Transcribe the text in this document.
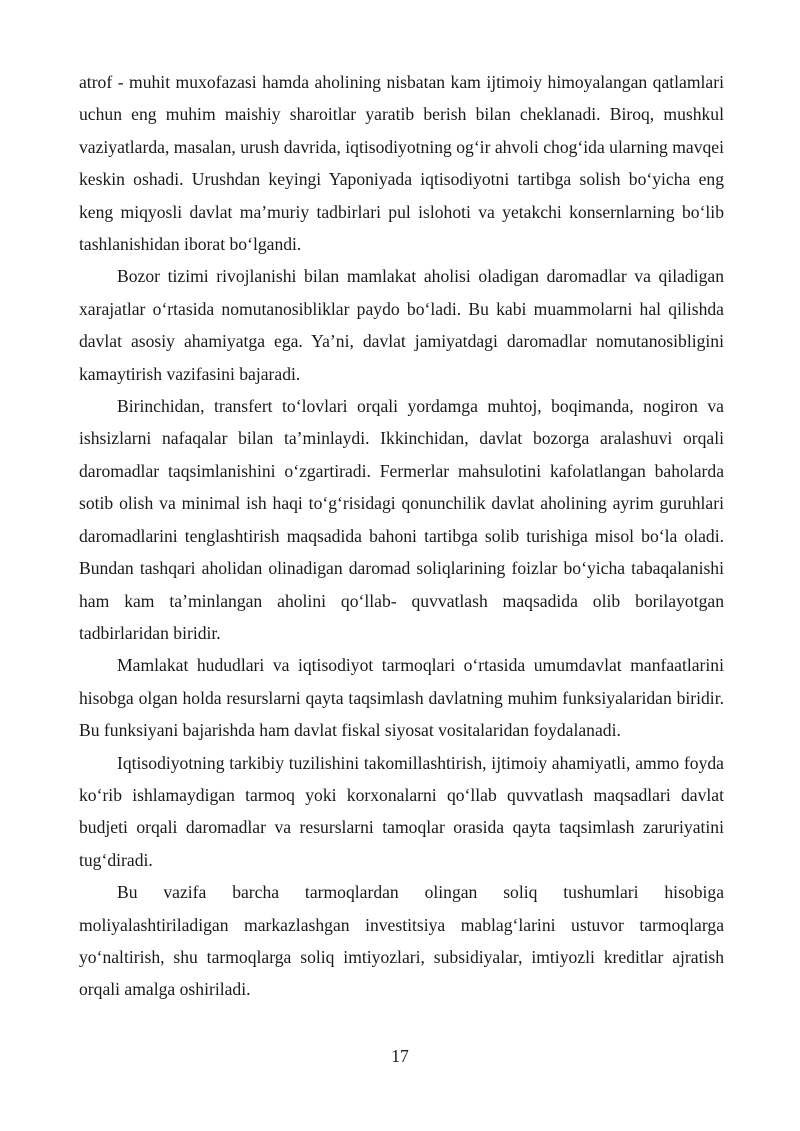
atrof - muhit muxofazasi hamda aholining nisbatan kam ijtimoiy himoyalangan qatlamlari uchun eng muhim maishiy sharoitlar yaratib berish bilan cheklanadi. Biroq, mushkul vaziyatlarda, masalan, urush davrida, iqtisodiyotning og‘ir ahvoli chog‘ida ularning mavqei keskin oshadi. Urushdan keyingi Yaponiyada iqtisodiyotni tartibga solish bo‘yicha eng keng miqyosli davlat ma’muriy tadbirlari pul islohoti va yetakchi konsernlarning bo‘lib tashlanishidan iborat bo‘lgandi.

Bozor tizimi rivojlanishi bilan mamlakat aholisi oladigan daromadlar va qiladigan xarajatlar o‘rtasida nomutanosibliklar paydo bo‘ladi. Bu kabi muammolarni hal qilishda davlat asosiy ahamiyatga ega. Ya’ni, davlat jamiyatdagi daromadlar nomutanosibligini kamaytirish vazifasini bajaradi.

Birinchidan, transfert to‘lovlari orqali yordamga muhtoj, boqimanda, nogiron va ishsizlarni nafaqalar bilan ta’minlaydi. Ikkinchidan, davlat bozorga aralashuvi orqali daromadlar taqsimlanishini o‘zgartiradi. Fermerlar mahsulotini kafolatlangan baholarda sotib olish va minimal ish haqi to‘g‘risidagi qonunchilik davlat aholining ayrim guruhlari daromadlarini tenglashtirish maqsadida bahoni tartibga solib turishiga misol bo‘la oladi. Bundan tashqari aholidan olinadigan daromad soliqlarining foizlar bo‘yicha tabaqalanishi ham kam ta’minlangan aholini qo‘llab- quvvatlash maqsadida olib borilayotgan tadbirlaridan biridir.

Mamlakat hududlari va iqtisodiyot tarmoqlari o‘rtasida umumdavlat manfaatlarini hisobga olgan holda resurslarni qayta taqsimlash davlatning muhim funksiyalaridan biridir. Bu funksiyani bajarishda ham davlat fiskal siyosat vositalaridan foydalanadi.

Iqtisodiyotning tarkibiy tuzilishini takomillashtirish, ijtimoiy ahamiyatli, ammo foyda ko‘rib ishlamaydigan tarmoq yoki korxonalarni qo‘llab quvvatlash maqsadlari davlat budjeti orqali daromadlar va resurslarni tamoqlar orasida qayta taqsimlash zaruriyatini tug‘diradi.

Bu vazifa barcha tarmoqlardan olingan soliq tushumlari hisobiga moliyalashtiriladigan markazlashgan investitsiya mablag‘larini ustuvor tarmoqlarga yo‘naltirish, shu tarmoqlarga soliq imtiyozlari, subsidiyalar, imtiyozli kreditlar ajratish orqali amalga oshiriladi.

17
